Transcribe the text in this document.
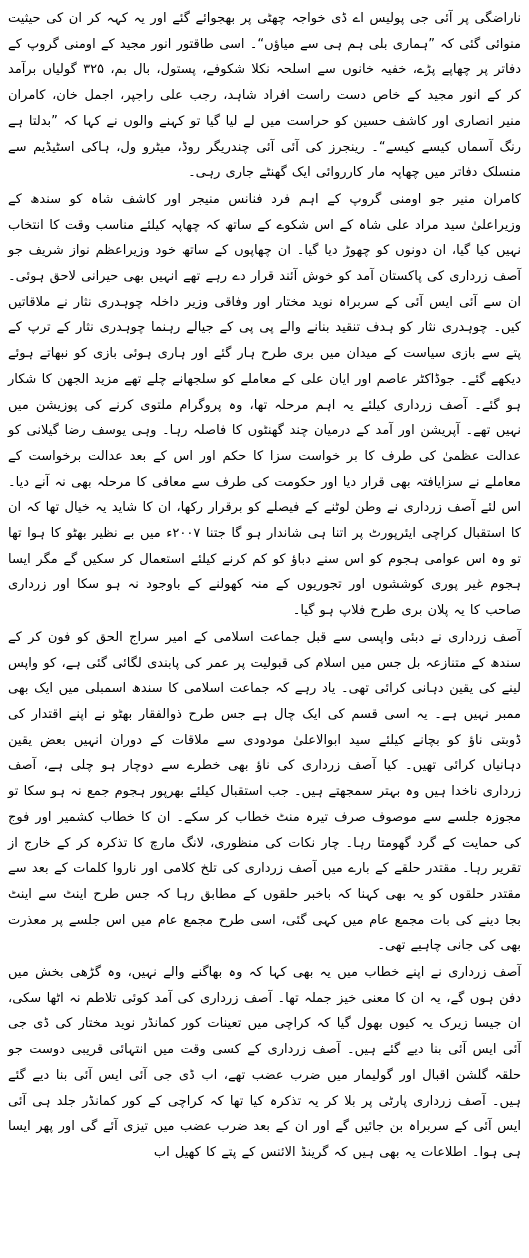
ناراضگی پر آئی جی پولیس اے ڈی خواجہ چھٹی پر بھجوائے گئے اور یہ کہہ کر ان کی حیثیت منوائی گئی کہ ”ہماری بلی ہم ہی سے میاؤں“۔ اسی طاقتور انور مجید کے اومنی گروپ کے دفاتر پر چھاپے پڑے، خفیہ خانوں سے اسلحہ نکلا شکوفے، پستول، بال بم، ۳۲۵ گولیاں برآمد کر کے انور مجید کے خاص دست راست افراد شاہد، رجب علی راجپر، اجمل خان، کامران منیر انصاری اور کاشف حسین کو حراست میں لے لیا گیا تو کہنے والوں نے کہا کہ ”بدلتا ہے رنگ آسماں کیسے کیسے“۔ رینجرز کی آئی آئی چندریگر روڈ، میٹرو ول، ہاکی اسٹیڈیم سے منسلک دفاتر میں چھاپہ مار کارروائی ایک گھنٹے جاری رہی۔

کامران منیر جو اومنی گروپ کے اہم فرد فنانس منیجر اور کاشف شاہ کو سندھ کے وزیراعلیٰ سید مراد علی شاہ کے اس شکوے کے ساتھ کہ چھاپہ کیلئے مناسب وقت کا انتخاب نہیں کیا گیا، ان دونوں کو چھوڑ دیا گیا۔ ان چھاپوں کے ساتھ خود وزیراعظم نواز شریف جو آصف زرداری کی پاکستان آمد کو خوش آئند قرار دے رہے تھے انہیں بھی حیرانی لاحق ہوئی۔ ان سے آئی ایس آئی کے سربراہ نوید مختار اور وفاقی وزیر داخلہ چوہدری نثار نے ملاقاتیں کیں۔ چوہدری نثار کو ہدف تنقید بنانے والے پی پی کے جیالے رہنما چوہدری نثار کے ترپ کے پتے سے بازی سیاست کے میدان میں بری طرح ہار گئے اور ہاری ہوئی بازی کو نبھاتے ہوئے دیکھے گئے۔ جوڈاکٹر عاصم اور ایان علی کے معاملے کو سلجھانے چلے تھے مزید الجھن کا شکار ہو گئے۔ آصف زرداری کیلئے یہ اہم مرحلہ تھا، وہ پروگرام ملتوی کرنے کی پوزیشن میں نہیں تھے۔ آپریشن اور آمد کے درمیان چند گھنٹوں کا فاصلہ رہا۔ وہی یوسف رضا گیلانی کو عدالت عظمیٰ کی طرف کا بر خواست سزا کا حکم اور اس کے بعد عدالت برخواست کے معاملے نے سزایافتہ بھی قرار دیا اور حکومت کی طرف سے معافی کا مرحلہ بھی نہ آنے دیا۔ اس لئے آصف زرداری نے وطن لوٹنے کے فیصلے کو برقرار رکھا، ان کا شاید یہ خیال تھا کہ ان کا استقبال کراچی ایئرپورٹ پر اتنا ہی شاندار ہو گا جتنا ۲۰۰۷ء میں بے نظیر بھٹو کا ہوا تھا تو وہ اس عوامی ہجوم کو اس سنے دباؤ کو کم کرنے کیلئے استعمال کر سکیں گے مگر ایسا ہجوم غیر پوری کوششوں اور تجوریوں کے منہ کھولنے کے باوجود نہ ہو سکا اور زرداری صاحب کا یہ پلان بری طرح فلاپ ہو گیا۔

آصف زرداری نے دبئی واپسی سے قبل جماعت اسلامی کے امیر سراج الحق کو فون کر کے سندھ کے متنازعہ بل جس میں اسلام کی قبولیت پر عمر کی پابندی لگائی گئی ہے، کو واپس لینے کی یقین دہانی کرائی تھی۔ یاد رہے کہ جماعت اسلامی کا سندھ اسمبلی میں ایک بھی ممبر نہیں ہے۔ یہ اسی قسم کی ایک چال ہے جس طرح ذوالفقار بھٹو نے اپنے اقتدار کی ڈوبتی ناؤ کو بچانے کیلئے سید ابوالاعلیٰ مودودی سے ملاقات کے دوران انہیں بعض یقین دہانیاں کرائی تھیں۔ کیا آصف زرداری کی ناؤ بھی خطرے سے دوچار ہو چلی ہے، آصف زرداری ناخدا ہیں وہ بہتر سمجھتے ہیں۔ جب استقبال کیلئے بھرپور ہجوم جمع نہ ہو سکا تو مجوزہ جلسے سے موصوف صرف تیرہ منٹ خطاب کر سکے۔ ان کا خطاب کشمیر اور فوج کی حمایت کے گرد گھومتا رہا۔ چار نکات کی منظوری، لانگ مارچ کا تذکرہ کر کے خارج از تقریر رہا۔ مقتدر حلقے کے بارے میں آصف زرداری کی تلخ کلامی اور ناروا کلمات کے بعد سے مقتدر حلقوں کو یہ بھی کہنا کہ باخبر حلقوں کے مطابق رہا کہ جس طرح اینٹ سے اینٹ بجا دینے کی بات مجمع عام میں کہی گئی، اسی طرح مجمع عام میں اس جلسے پر معذرت بھی کی جانی چاہیے تھی۔

آصف زرداری نے اپنے خطاب میں یہ بھی کہا کہ وہ بھاگنے والے نہیں، وہ گڑھی بخش میں دفن ہوں گے، یہ ان کا معنی خیز جملہ تھا۔ آصف زرداری کی آمد کوئی تلاطم نہ اٹھا سکی، ان جیسا زیرک یہ کیوں بھول گیا کہ کراچی میں تعینات کور کمانڈر نوید مختار کی ڈی جی آئی ایس آئی بنا دیے گئے ہیں۔ آصف زرداری کے کسی وقت میں انتہائی قریبی دوست جو حلقہ گلشن اقبال اور گولیمار میں ضرب عضب تھے، اب ڈی جی آئی ایس آئی بنا دیے گئے ہیں۔ آصف زرداری پارٹی پر بلا کر یہ تذکرہ کیا تھا کہ کراچی کے کور کمانڈر جلد ہی آئی ایس آئی کے سربراہ بن جائیں گے اور ان کے بعد ضرب عضب میں تیزی آئے گی اور پھر ایسا ہی ہوا۔ اطلاعات یہ بھی ہیں کہ گرینڈ الائنس کے پتے کا کھیل اب
